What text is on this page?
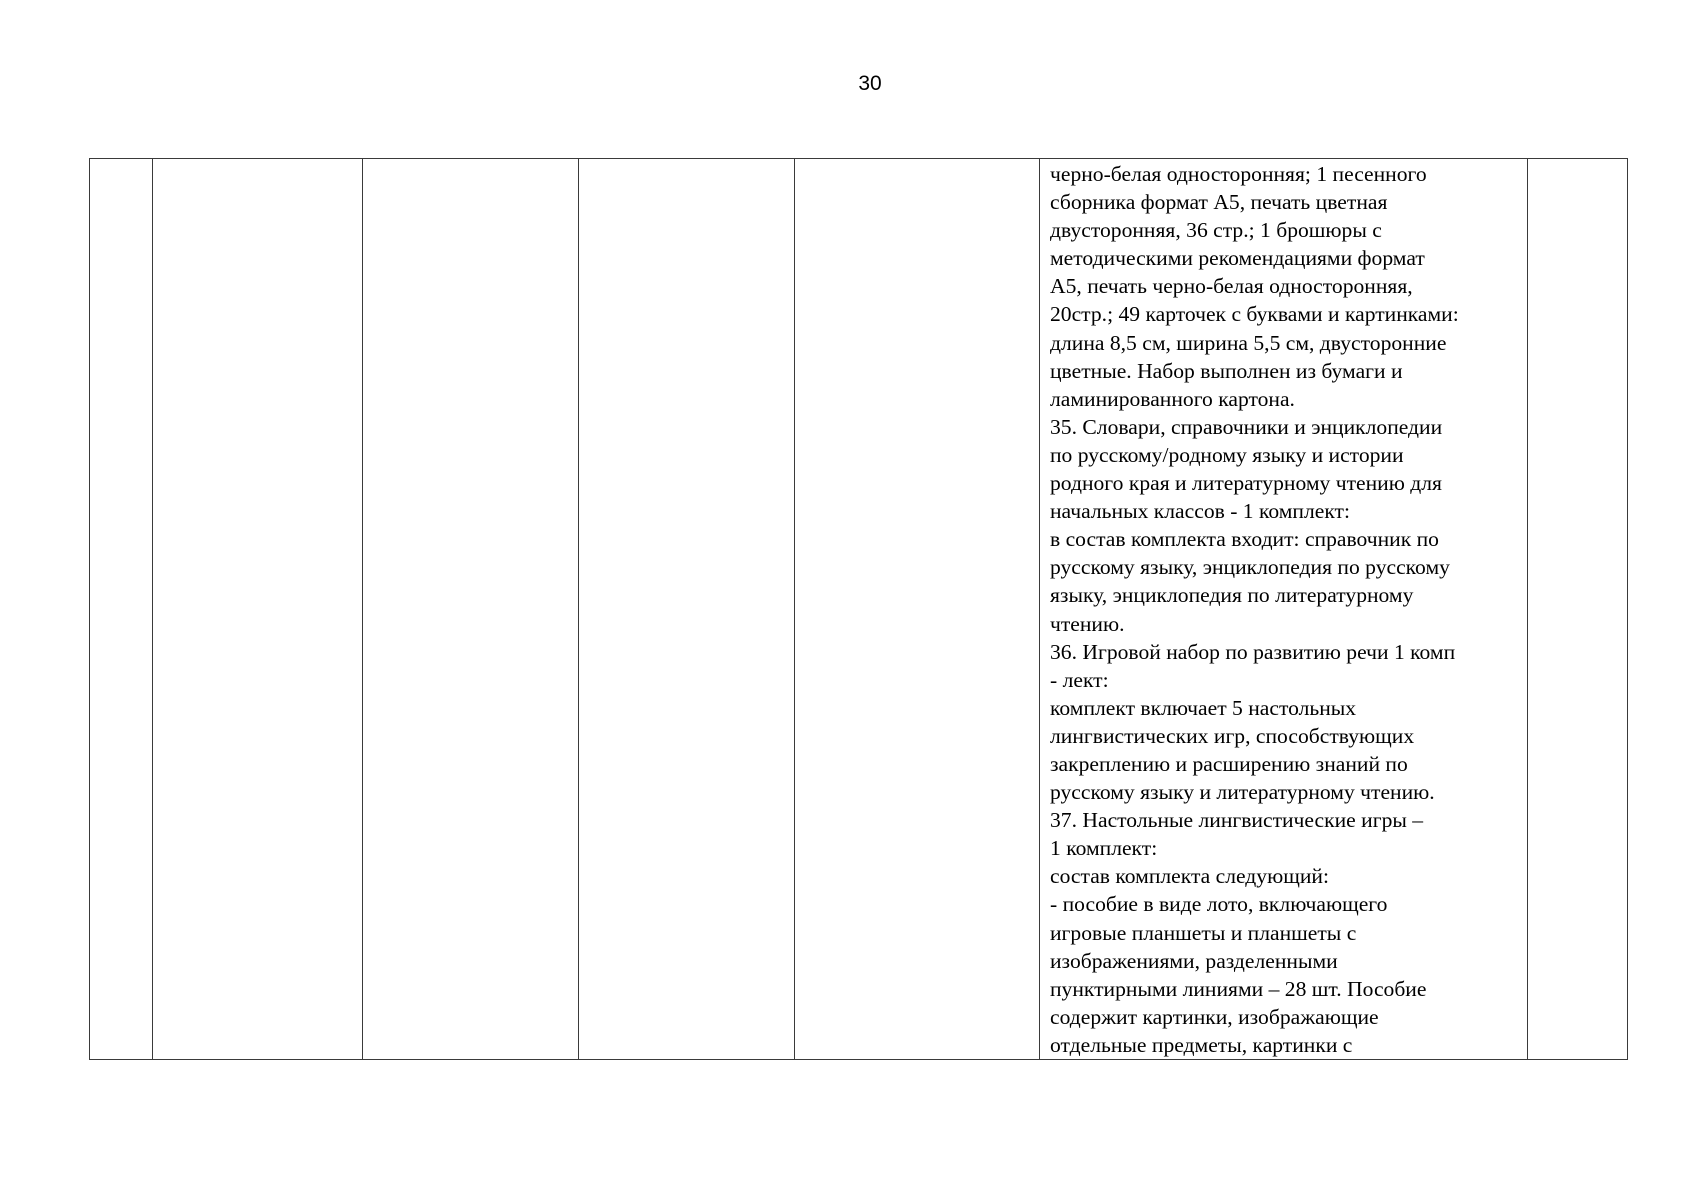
30

черно-белая односторонняя; 1 песенного
сборника формат А5, печать цветная
двусторонняя, 36 стр.; 1 брошюры с
методическими рекомендациями формат
А5, печать черно-белая односторонняя,
20стр.; 49 карточек с буквами и картинками:
длина 8,5 см, ширина 5,5 см, двусторонние
цветные. Набор выполнен из бумаги и
ламинированного картона.
35. Словари, справочники и энциклопедии
по русскому/родному языку и истории
родного края и литературному чтению для
начальных классов - 1 комплект:
в состав комплекта входит: справочник по
русскому языку, энциклопедия по русскому
языку, энциклопедия по литературному
чтению.
36. Игровой набор по развитию речи 1 комп
- лект:
комплект включает 5 настольных
лингвистических игр, способствующих
закреплению и расширению знаний по
русскому языку и литературному чтению.
37. Настольные лингвистические игры –
1 комплект:
состав комплекта следующий:
- пособие в виде лото, включающего
игровые планшеты и планшеты с
изображениями, разделенными
пунктирными линиями – 28 шт. Пособие
содержит картинки, изображающие
отдельные предметы, картинки с
